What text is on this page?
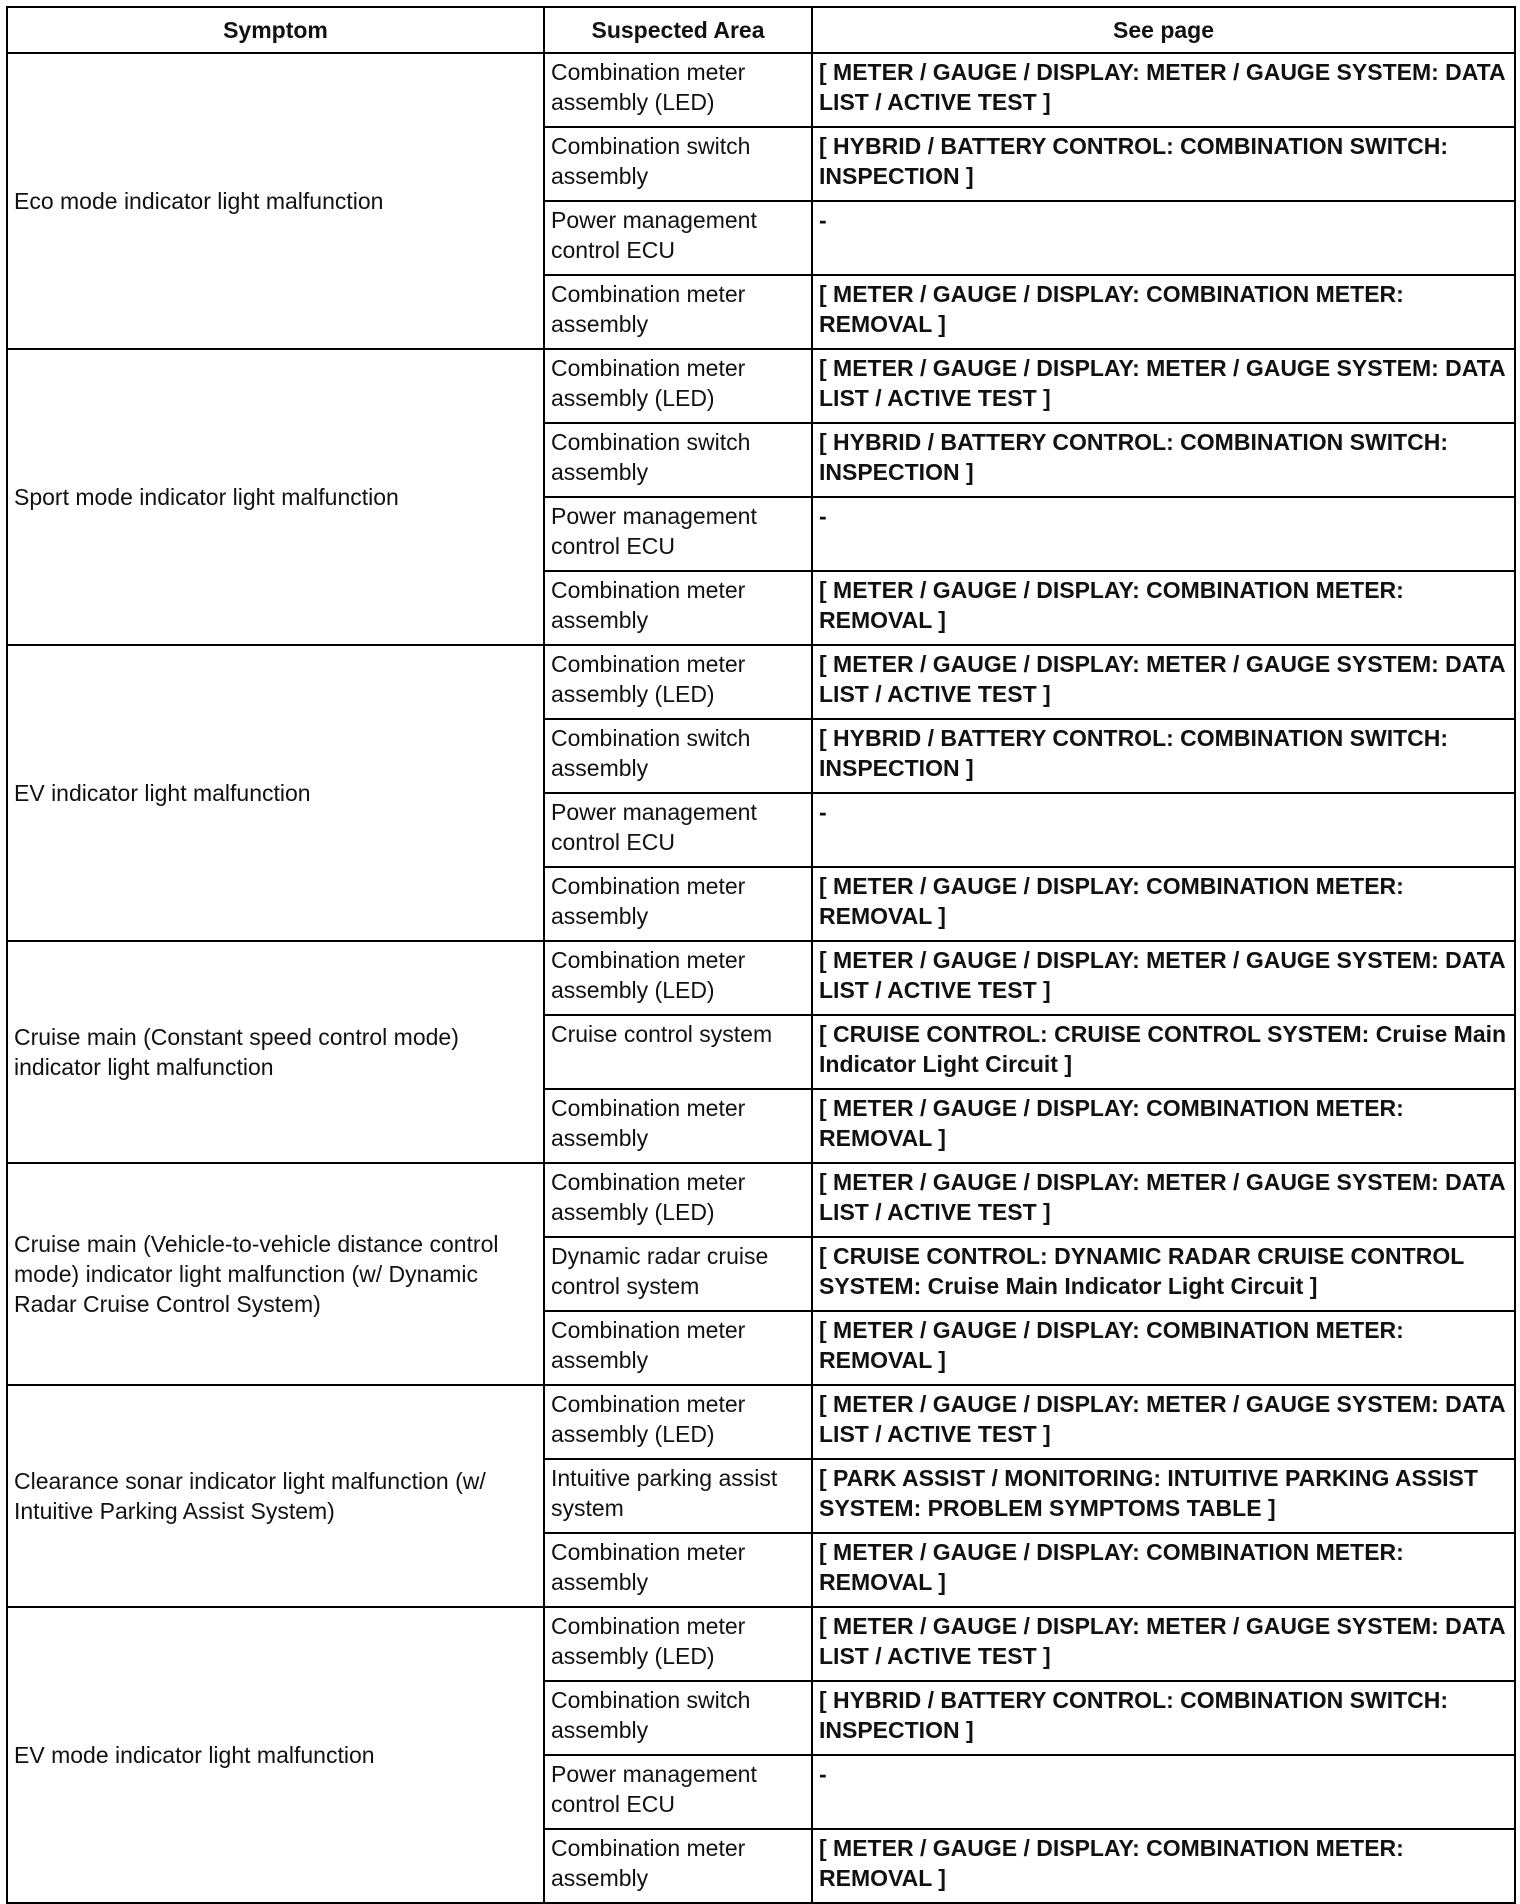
Symptom	Suspected Area	See page
Eco mode indicator light malfunction	Combination meter assembly (LED)	[ METER / GAUGE / DISPLAY: METER / GAUGE SYSTEM: DATA LIST / ACTIVE TEST ]
	Combination switch assembly	[ HYBRID / BATTERY CONTROL: COMBINATION SWITCH: INSPECTION ]
	Power management control ECU	-
	Combination meter assembly	[ METER / GAUGE / DISPLAY: COMBINATION METER: REMOVAL ]
Sport mode indicator light malfunction	Combination meter assembly (LED)	[ METER / GAUGE / DISPLAY: METER / GAUGE SYSTEM: DATA LIST / ACTIVE TEST ]
	Combination switch assembly	[ HYBRID / BATTERY CONTROL: COMBINATION SWITCH: INSPECTION ]
	Power management control ECU	-
	Combination meter assembly	[ METER / GAUGE / DISPLAY: COMBINATION METER: REMOVAL ]
EV indicator light malfunction	Combination meter assembly (LED)	[ METER / GAUGE / DISPLAY: METER / GAUGE SYSTEM: DATA LIST / ACTIVE TEST ]
	Combination switch assembly	[ HYBRID / BATTERY CONTROL: COMBINATION SWITCH: INSPECTION ]
	Power management control ECU	-
	Combination meter assembly	[ METER / GAUGE / DISPLAY: COMBINATION METER: REMOVAL ]
Cruise main (Constant speed control mode) indicator light malfunction	Combination meter assembly (LED)	[ METER / GAUGE / DISPLAY: METER / GAUGE SYSTEM: DATA LIST / ACTIVE TEST ]
	Cruise control system	[ CRUISE CONTROL: CRUISE CONTROL SYSTEM: Cruise Main Indicator Light Circuit ]
	Combination meter assembly	[ METER / GAUGE / DISPLAY: COMBINATION METER: REMOVAL ]
Cruise main (Vehicle-to-vehicle distance control mode) indicator light malfunction (w/ Dynamic Radar Cruise Control System)	Combination meter assembly (LED)	[ METER / GAUGE / DISPLAY: METER / GAUGE SYSTEM: DATA LIST / ACTIVE TEST ]
	Dynamic radar cruise control system	[ CRUISE CONTROL: DYNAMIC RADAR CRUISE CONTROL SYSTEM: Cruise Main Indicator Light Circuit ]
	Combination meter assembly	[ METER / GAUGE / DISPLAY: COMBINATION METER: REMOVAL ]
Clearance sonar indicator light malfunction (w/ Intuitive Parking Assist System)	Combination meter assembly (LED)	[ METER / GAUGE / DISPLAY: METER / GAUGE SYSTEM: DATA LIST / ACTIVE TEST ]
	Intuitive parking assist system	[ PARK ASSIST / MONITORING: INTUITIVE PARKING ASSIST SYSTEM: PROBLEM SYMPTOMS TABLE ]
	Combination meter assembly	[ METER / GAUGE / DISPLAY: COMBINATION METER: REMOVAL ]
EV mode indicator light malfunction	Combination meter assembly (LED)	[ METER / GAUGE / DISPLAY: METER / GAUGE SYSTEM: DATA LIST / ACTIVE TEST ]
	Combination switch assembly	[ HYBRID / BATTERY CONTROL: COMBINATION SWITCH: INSPECTION ]
	Power management control ECU	-
	Combination meter assembly	[ METER / GAUGE / DISPLAY: COMBINATION METER: REMOVAL ]
